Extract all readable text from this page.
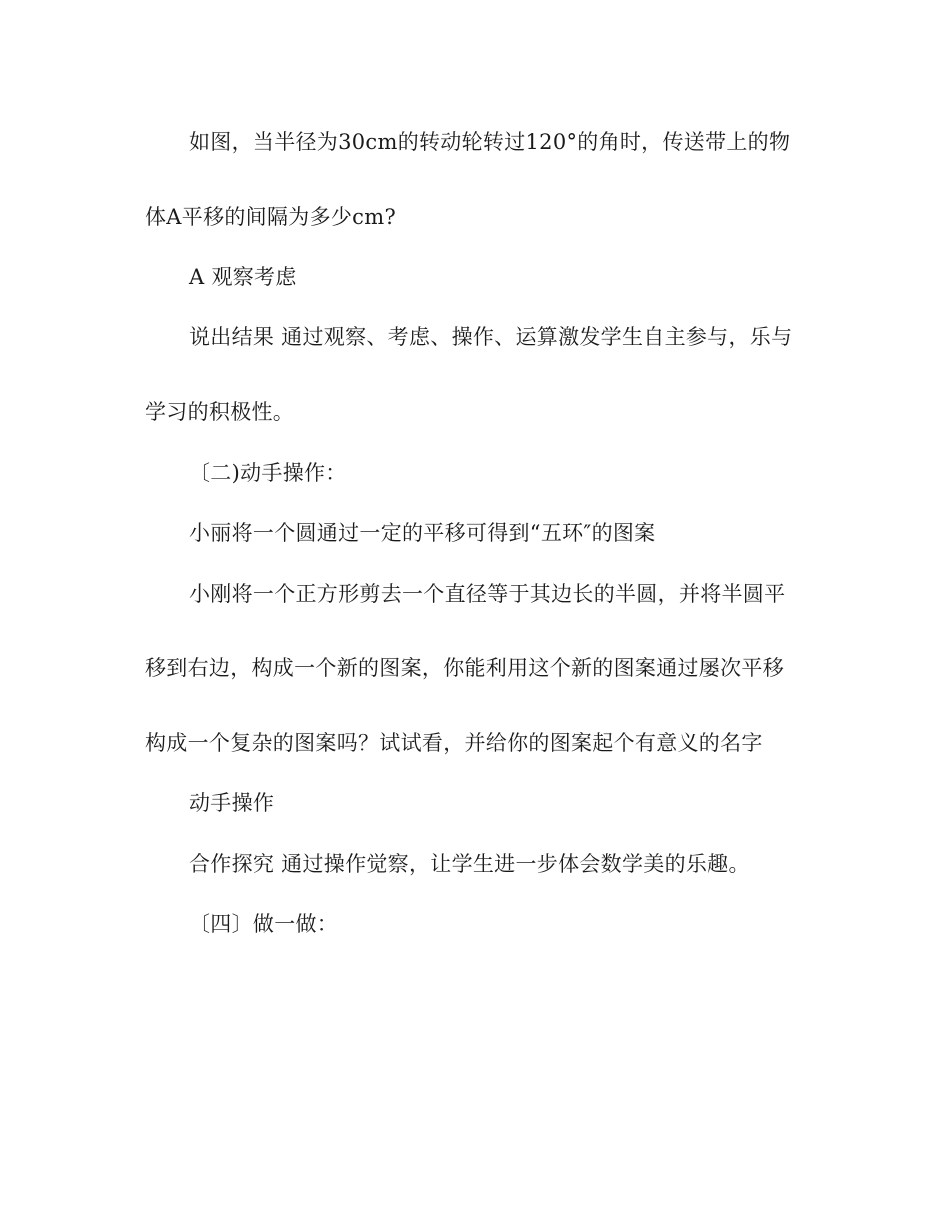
如图，当半径为30cm的转动轮转过120°的角时，传送带上的物
体A平移的间隔为多少cm?
A 观察考虑
说出结果 通过观察、考虑、操作、运算激发学生自主参与，乐与
学习的积极性。
〔二)动手操作：
小丽将一个圆通过一定的平移可得到“五环″的图案
小刚将一个正方形剪去一个直径等于其边长的半圆，并将半圆平
移到右边，构成一个新的图案，你能利用这个新的图案通过屡次平移
构成一个复杂的图案吗？试试看，并给你的图案起个有意义的名字
动手操作
合作探究 通过操作觉察，让学生进一步体会数学美的乐趣。
〔四〕做一做：
